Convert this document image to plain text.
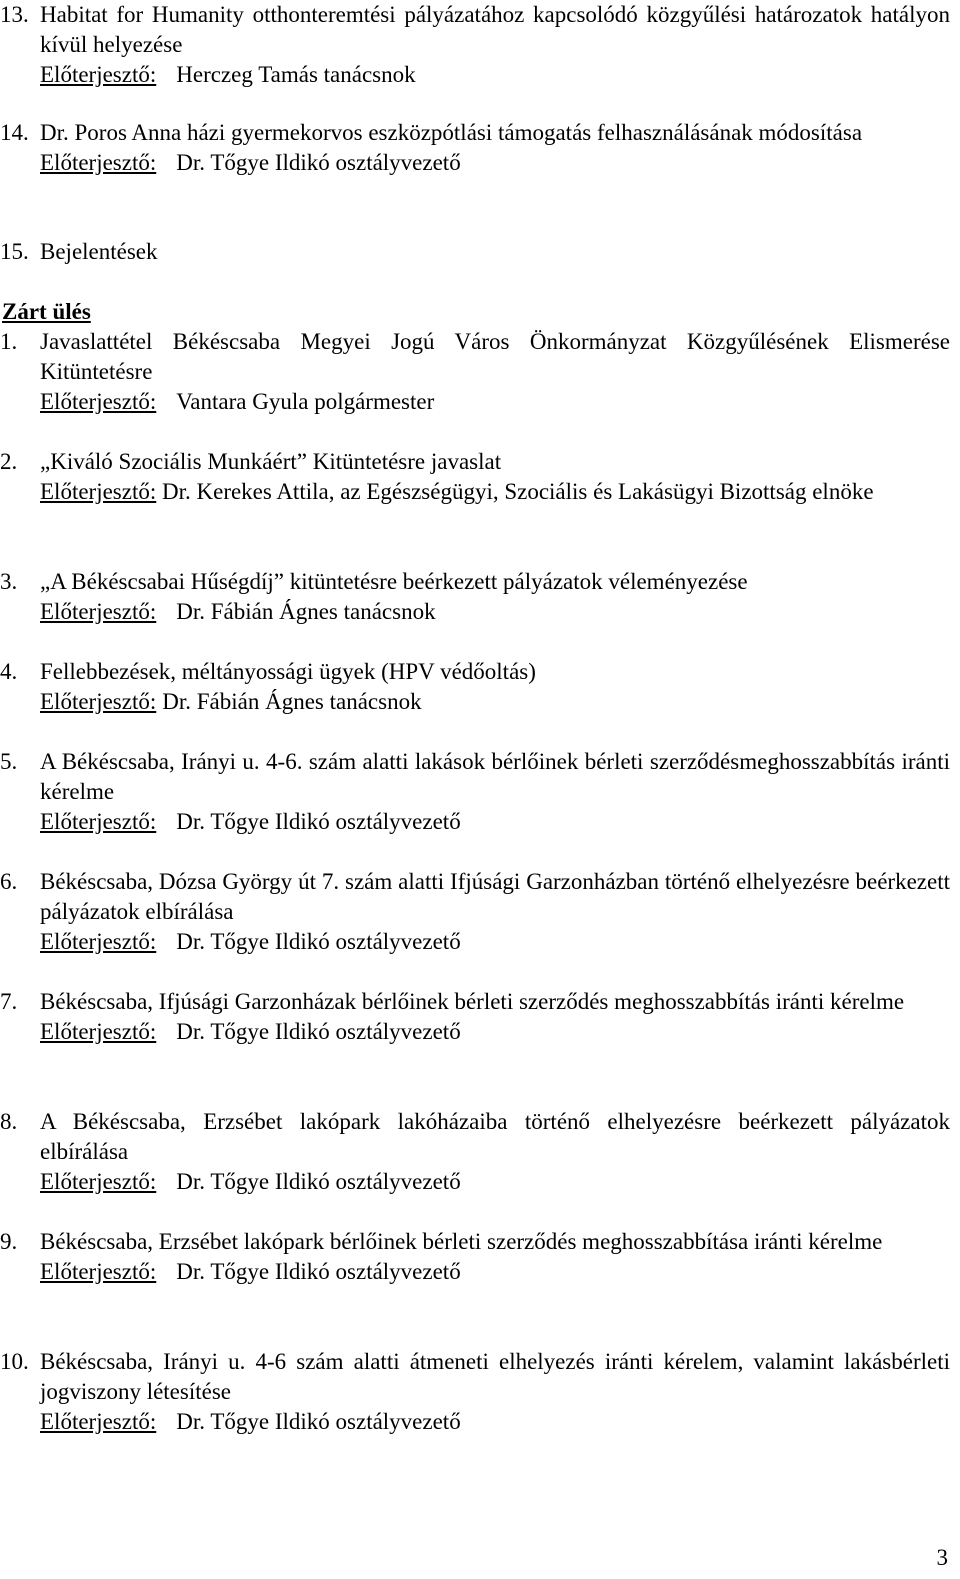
13. Habitat for Humanity otthonteremtési pályázatához kapcsolódó közgyűlési határozatok hatályon kívül helyezése
Előterjesztő: Herczeg Tamás tanácsnok
14. Dr. Poros Anna házi gyermekorvos eszközpótlási támogatás felhasználásának módosítása
Előterjesztő: Dr. Tőgye Ildikó osztályvezető
15. Bejelentések
Zárt ülés
1. Javaslattétel Békéscsaba Megyei Jogú Város Önkormányzat Közgyűlésének Elismerése Kitüntetésre
Előterjesztő: Vantara Gyula polgármester
2. „Kiváló Szociális Munkáért” Kitüntetésre javaslat
Előterjesztő: Dr. Kerekes Attila, az Egészségügyi, Szociális és Lakásügyi Bizottság elnöke
3. „A Békéscsabai Hűségdíj” kitüntetésre beérkezett pályázatok véleményezése
Előterjesztő: Dr. Fábián Ágnes tanácsnok
4. Fellebbezések, méltányossági ügyek (HPV védőoltás)
Előterjesztő: Dr. Fábián Ágnes tanácsnok
5. A Békéscsaba, Irányi u. 4-6. szám alatti lakások bérlőinek bérleti szerződésmeghosszabbítás iránti kérelme
Előterjesztő: Dr. Tőgye Ildikó osztályvezető
6. Békéscsaba, Dózsa György út 7. szám alatti Ifjúsági Garzonházban történő elhelyezésre beérkezett pályázatok elbírálása
Előterjesztő: Dr. Tőgye Ildikó osztályvezető
7. Békéscsaba, Ifjúsági Garzonházak bérlőinek bérleti szerződés meghosszabbítás iránti kérelme
Előterjesztő: Dr. Tőgye Ildikó osztályvezető
8. A Békéscsaba, Erzsébet lakópark lakóházaiba történő elhelyezésre beérkezett pályázatok elbírálása
Előterjesztő: Dr. Tőgye Ildikó osztályvezető
9. Békéscsaba, Erzsébet lakópark bérlőinek bérleti szerződés meghosszabbítása iránti kérelme
Előterjesztő: Dr. Tőgye Ildikó osztályvezető
10. Békéscsaba, Irányi u. 4-6 szám alatti átmeneti elhelyezés iránti kérelem, valamint lakásbérleti jogviszony létesítése
Előterjesztő: Dr. Tőgye Ildikó osztályvezető
3
